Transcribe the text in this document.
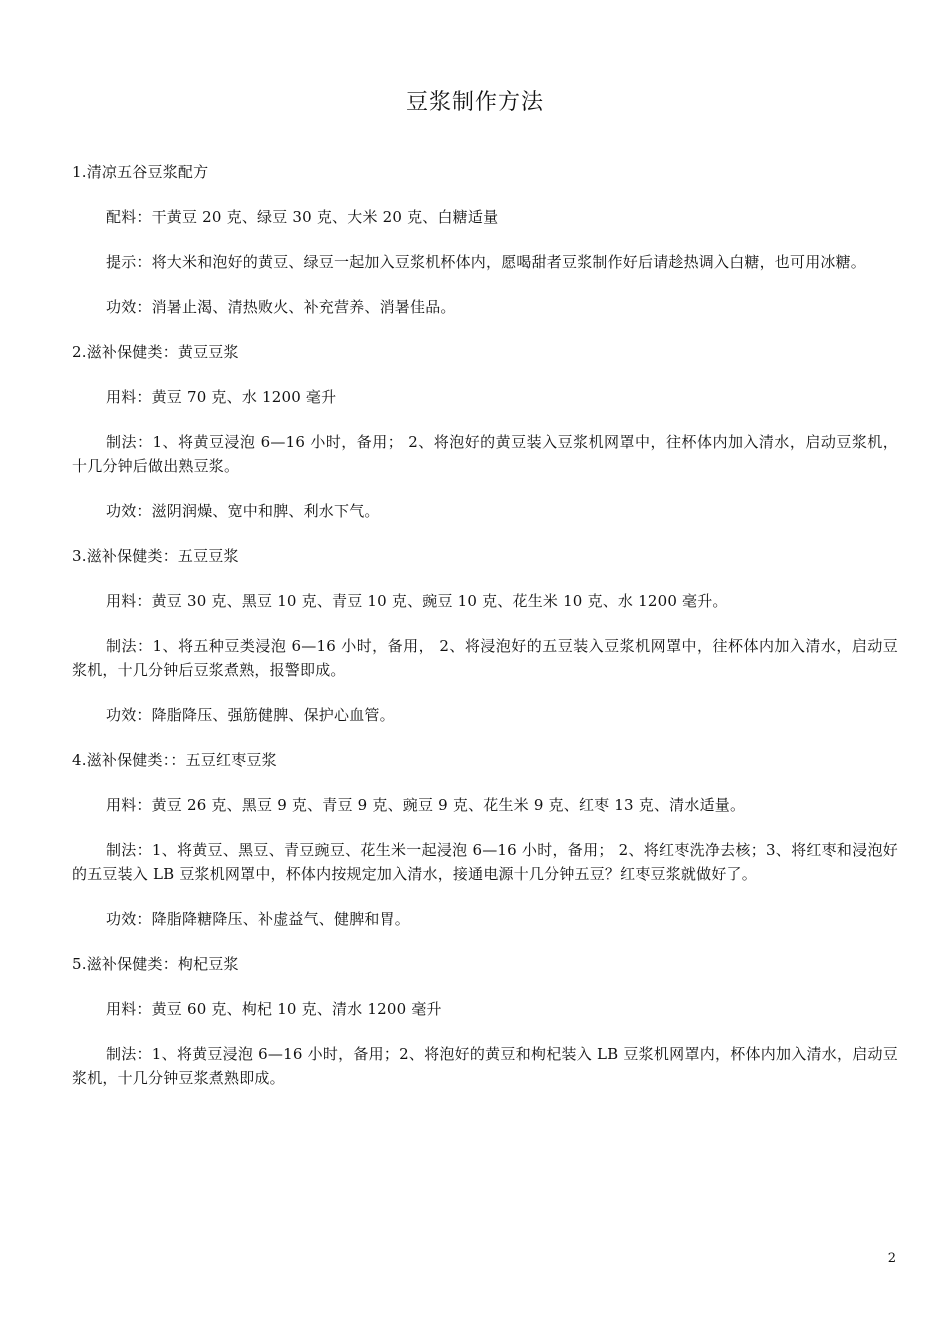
豆浆制作方法

1.清凉五谷豆浆配方

配料：干黄豆 20 克、绿豆 30 克、大米 20 克、白糖适量

提示：将大米和泡好的黄豆、绿豆一起加入豆浆机杯体内，愿喝甜者豆浆制作好后请趁热调入白糖，也可用冰糖。

功效：消暑止渴、清热败火、补充营养、消暑佳品。

2.滋补保健类：黄豆豆浆

用料：黄豆 70 克、水 1200 毫升

制法：1、将黄豆浸泡 6—16 小时，备用； 2、将泡好的黄豆装入豆浆机网罩中，往杯体内加入清水，启动豆浆机，十几分钟后做出熟豆浆。

功效：滋阴润燥、宽中和脾、利水下气。

3.滋补保健类：五豆豆浆

用料：黄豆 30 克、黑豆 10 克、青豆 10 克、豌豆 10 克、花生米 10 克、水 1200 毫升。

制法：1、将五种豆类浸泡 6—16 小时，备用， 2、将浸泡好的五豆装入豆浆机网罩中，往杯体内加入清水，启动豆浆机，十几分钟后豆浆煮熟，报警即成。

功效：降脂降压、强筋健脾、保护心血管。

4.滋补保健类：：五豆红枣豆浆

用料：黄豆 26 克、黑豆 9 克、青豆 9 克、豌豆 9 克、花生米 9 克、红枣 13 克、清水适量。

制法：1、将黄豆、黑豆、青豆豌豆、花生米一起浸泡 6—16 小时，备用； 2、将红枣洗净去核；3、将红枣和浸泡好的五豆装入 LB 豆浆机网罩中，杯体内按规定加入清水，接通电源十几分钟五豆？红枣豆浆就做好了。

功效：降脂降糖降压、补虚益气、健脾和胃。

5.滋补保健类：枸杞豆浆

用料：黄豆 60 克、枸杞 10 克、清水 1200 毫升

制法：1、将黄豆浸泡 6—16 小时，备用；2、将泡好的黄豆和枸杞装入 LB 豆浆机网罩内，杯体内加入清水，启动豆浆机，十几分钟豆浆煮熟即成。

2
